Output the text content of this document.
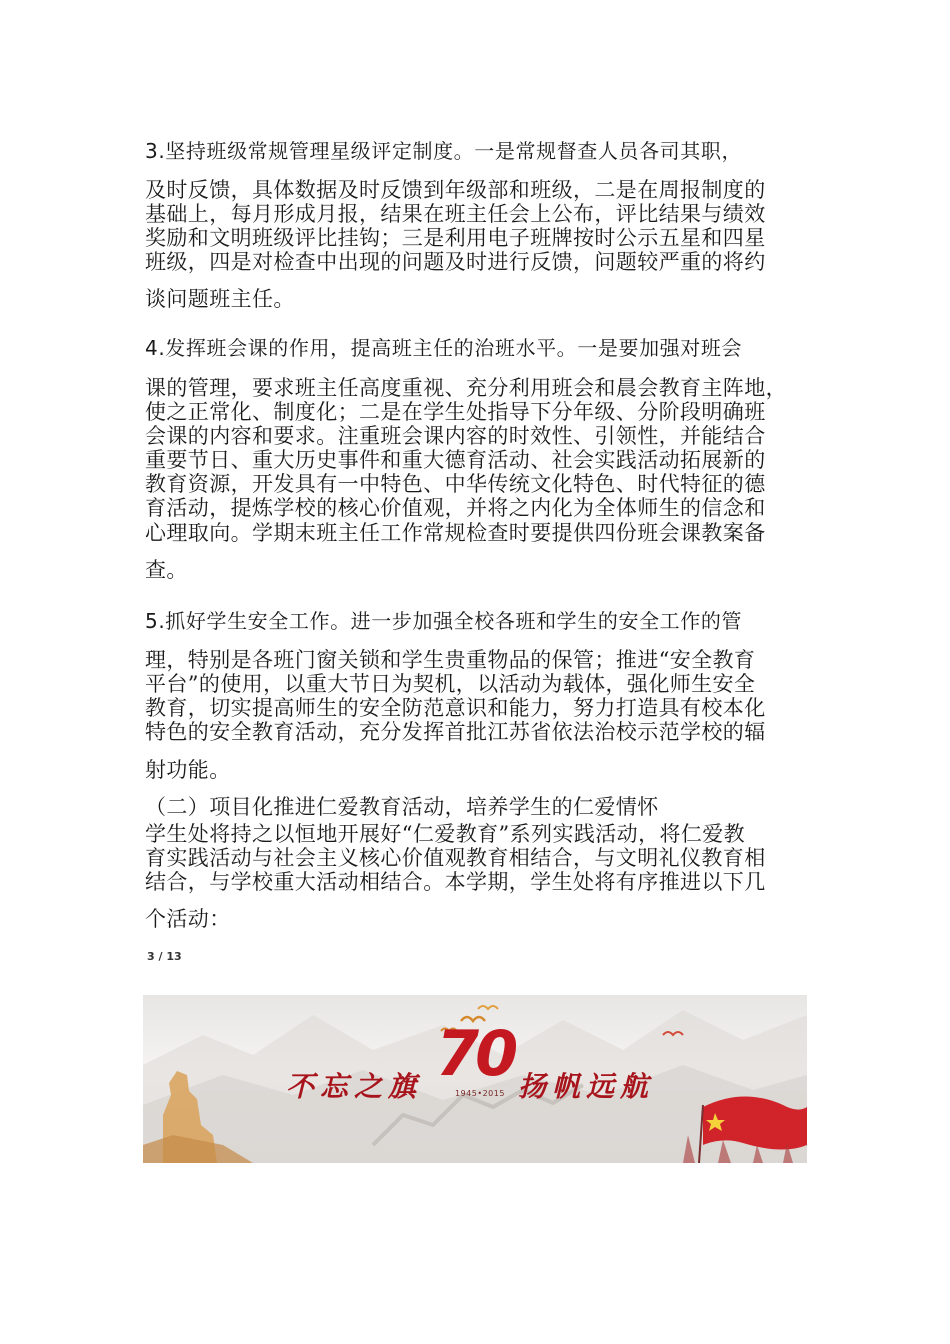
3.坚持班级常规管理星级评定制度。一是常规督查人员各司其职，
及时反馈，具体数据及时反馈到年级部和班级，二是在周报制度的
基础上，每月形成月报，结果在班主任会上公布，评比结果与绩效
奖励和文明班级评比挂钩；三是利用电子班牌按时公示五星和四星
班级，四是对检查中出现的问题及时进行反馈，问题较严重的将约
谈问题班主任。
4.发挥班会课的作用，提高班主任的治班水平。一是要加强对班会
课的管理，要求班主任高度重视、充分利用班会和晨会教育主阵地，
使之正常化、制度化；二是在学生处指导下分年级、分阶段明确班
会课的内容和要求。注重班会课内容的时效性、引领性，并能结合
重要节日、重大历史事件和重大德育活动、社会实践活动拓展新的
教育资源，开发具有一中特色、中华传统文化特色、时代特征的德
育活动，提炼学校的核心价值观，并将之内化为全体师生的信念和
心理取向。学期末班主任工作常规检查时要提供四份班会课教案备
查。
5.抓好学生安全工作。进一步加强全校各班和学生的安全工作的管
理，特别是各班门窗关锁和学生贵重物品的保管；推进“安全教育
平台”的使用，以重大节日为契机，以活动为载体，强化师生安全
教育，切实提高师生的安全防范意识和能力，努力打造具有校本化
特色的安全教育活动，充分发挥首批江苏省依法治校示范学校的辐
射功能。
（二）项目化推进仁爱教育活动，培养学生的仁爱情怀
学生处将持之以恒地开展好“仁爱教育”系列实践活动，将仁爱教
育实践活动与社会主义核心价值观教育相结合，与文明礼仪教育相
结合，与学校重大活动相结合。本学期，学生处将有序推进以下几
个活动：
3 / 13
70
1945•2015
不忘之旗	扬帆远航
